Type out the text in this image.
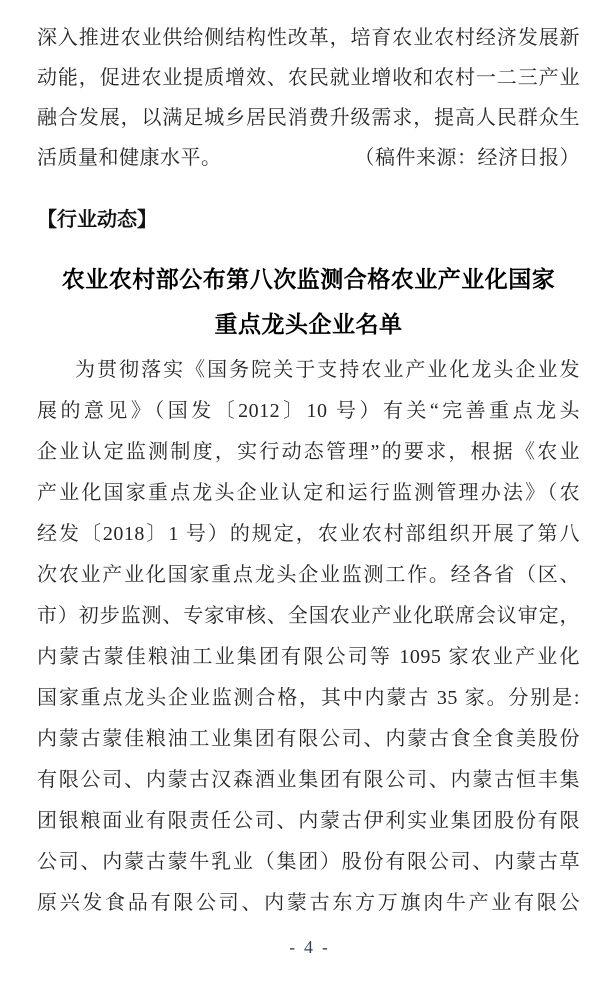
深入推进农业供给侧结构性改革，培育农业农村经济发展新
动能，促进农业提质增效、农民就业增收和农村一二三产业
融合发展，以满足城乡居民消费升级需求，提高人民群众生
活质量和健康水平。	（稿件来源：经济日报）
【行业动态】
农业农村部公布第八次监测合格农业产业化国家
重点龙头企业名单
为贯彻落实《国务院关于支持农业产业化龙头企业发
展的意见》（国发〔2012〕10 号）有关“完善重点龙头
企业认定监测制度，实行动态管理”的要求，根据《农业
产业化国家重点龙头企业认定和运行监测管理办法》（农
经发〔2018〕1 号）的规定，农业农村部组织开展了第八
次农业产业化国家重点龙头企业监测工作。经各省（区、
市）初步监测、专家审核、全国农业产业化联席会议审定，
内蒙古蒙佳粮油工业集团有限公司等 1095 家农业产业化
国家重点龙头企业监测合格，其中内蒙古 35 家。分别是:
内蒙古蒙佳粮油工业集团有限公司、内蒙古食全食美股份
有限公司、内蒙古汉森酒业集团有限公司、内蒙古恒丰集
团银粮面业有限责任公司、内蒙古伊利实业集团股份有限
公司、内蒙古蒙牛乳业（集团）股份有限公司、内蒙古草
原兴发食品有限公司、内蒙古东方万旗肉牛产业有限公
- 4 -
